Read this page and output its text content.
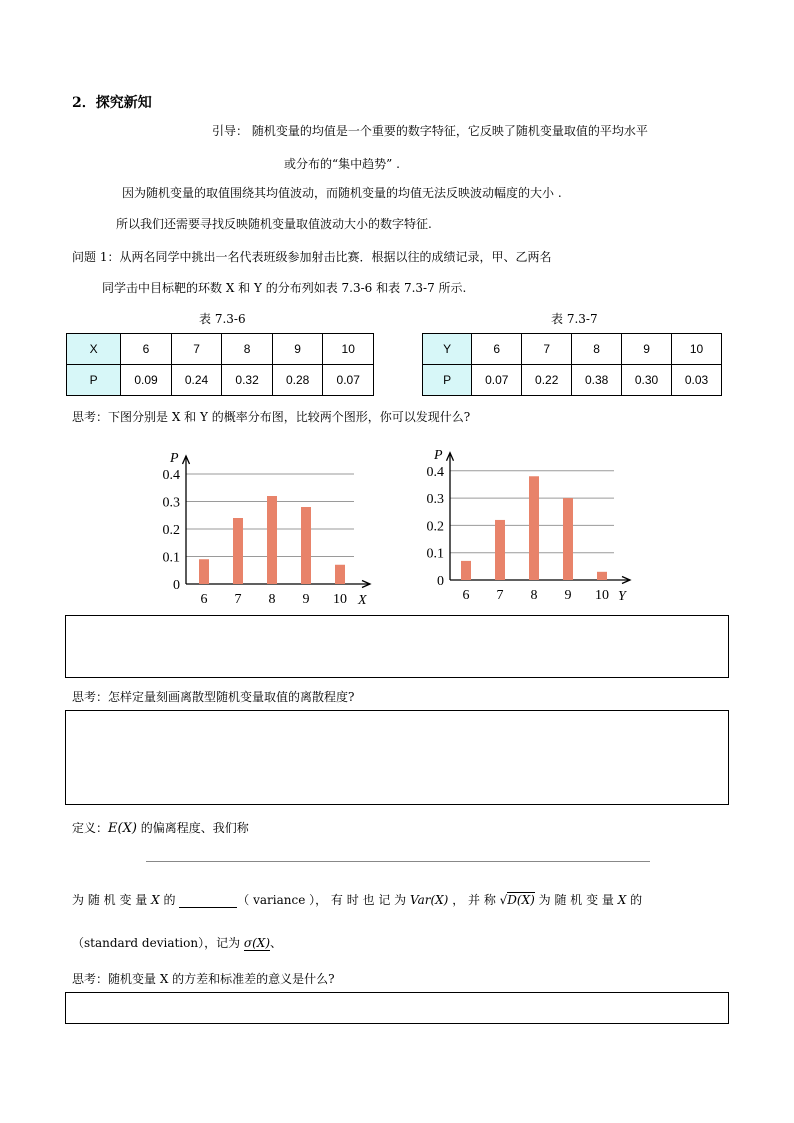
2．探究新知
引导： 随机变量的均值是一个重要的数字特征，它反映了随机变量取值的平均水平
或分布的“集中趋势” .
因为随机变量的取值围绕其均值波动，而随机变量的均值无法反映波动幅度的大小 .
所以我们还需要寻找反映随机变量取值波动大小的数字特征.
问题 1：从两名同学中挑出一名代表班级参加射击比赛．根据以往的成绩记录，甲、乙两名
同学击中目标靶的环数 X 和 Y 的分布列如表 7.3-6 和表 7.3-7 所示.
表 7.3-6	表 7.3-7
X	6	7	8	9	10
P	0.09	0.24	0.32	0.28	0.07
Y	6	7	8	9	10
P	0.07	0.22	0.38	0.30	0.03
思考：下图分别是 X 和 Y 的概率分布图，比较两个图形，你可以发现什么?
0
0.1
0.2
0.3
0.4
P
X
6 7 8 9 10
0
0.1
0.2
0.3
0.4
P
Y
6 7 8 9 10
思考：怎样定量刻画离散型随机变量取值的离散程度?
定义：E(X) 的偏离程度、我们称
为 随 机 变 量 X 的	（ variance ）， 有 时 也 记 为 Var(X) ， 并 称 √D(X) 为 随 机 变 量 X 的
（standard deviation），记为 σ(X)、
思考：随机变量 X 的方差和标准差的意义是什么?
